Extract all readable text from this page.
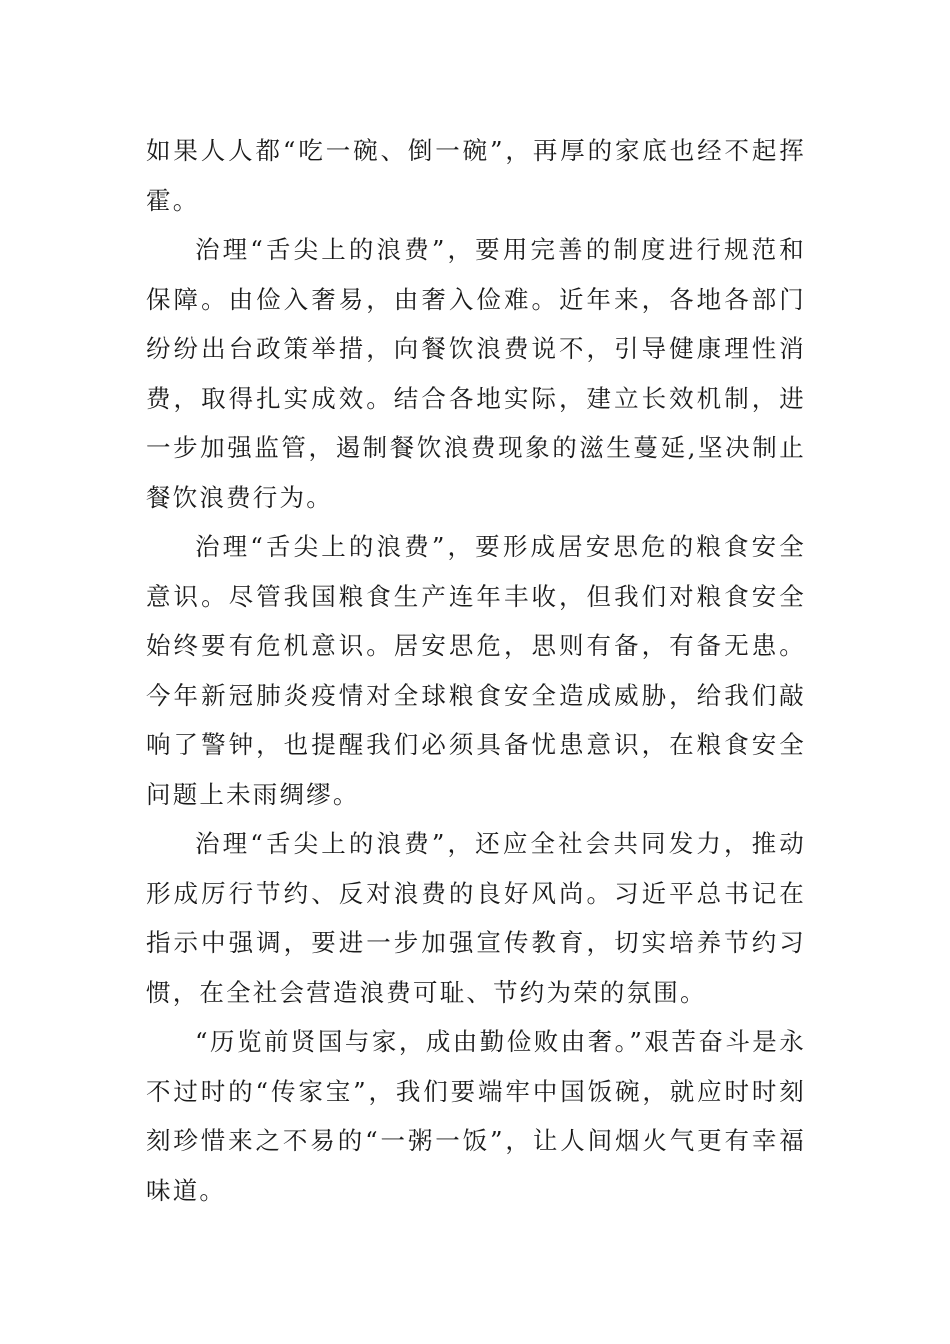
如果人人都“吃一碗、倒一碗”，再厚的家底也经不起挥霍。

治理“舌尖上的浪费”，要用完善的制度进行规范和保障。由俭入奢易，由奢入俭难。近年来，各地各部门纷纷出台政策举措，向餐饮浪费说不，引导健康理性消费，取得扎实成效。结合各地实际，建立长效机制，进一步加强监管，遏制餐饮浪费现象的滋生蔓延,坚决制止餐饮浪费行为。

治理“舌尖上的浪费”，要形成居安思危的粮食安全意识。尽管我国粮食生产连年丰收，但我们对粮食安全始终要有危机意识。居安思危，思则有备，有备无患。今年新冠肺炎疫情对全球粮食安全造成威胁，给我们敲响了警钟，也提醒我们必须具备忧患意识，在粮食安全问题上未雨绸缪。

治理“舌尖上的浪费”，还应全社会共同发力，推动形成厉行节约、反对浪费的良好风尚。习近平总书记在指示中强调，要进一步加强宣传教育，切实培养节约习惯，在全社会营造浪费可耻、节约为荣的氛围。

“历览前贤国与家，成由勤俭败由奢。”艰苦奋斗是永不过时的“传家宝”，我们要端牢中国饭碗，就应时时刻刻珍惜来之不易的“一粥一饭”，让人间烟火气更有幸福味道。
